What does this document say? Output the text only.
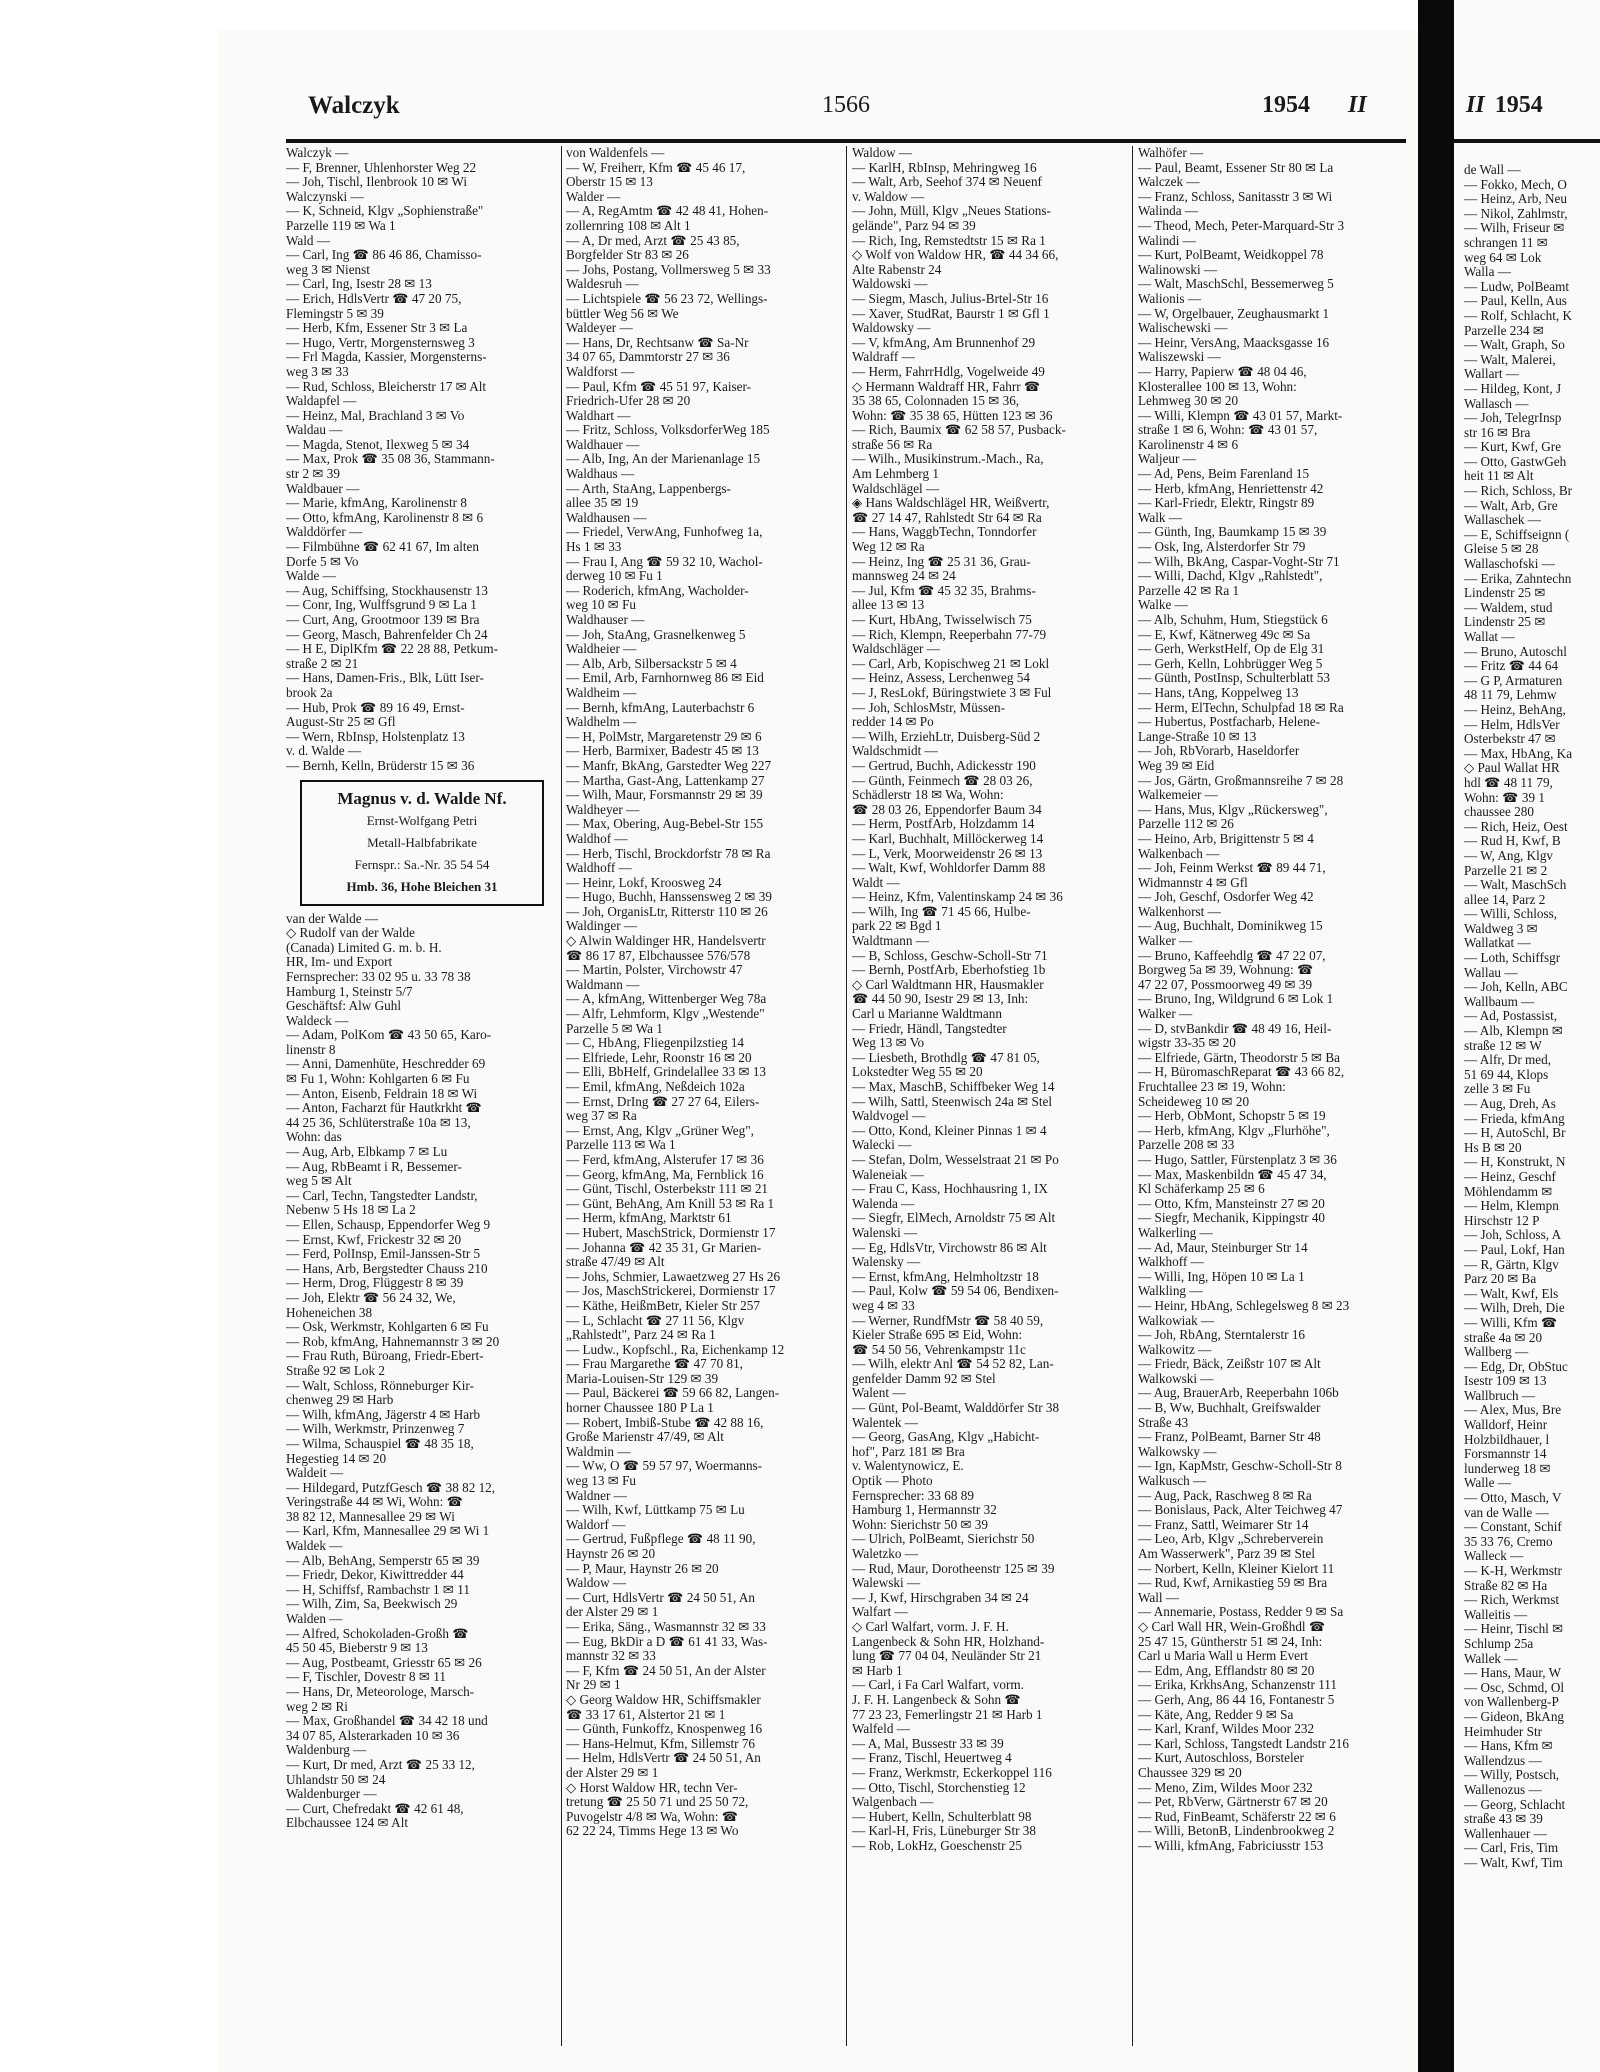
Walczyk	1566	1954 II
Walczyk —
— F, Brenner, Uhlenhorster Weg 22
— Joh, Tischl, Ilenbrook 10 ✉ Wi
Walczynski —
— K, Schneid, Klgv „Sophienstraße"
Parzelle 119 ✉ Wa 1
Wald —
— Carl, Ing ☎ 86 46 86, Chamisso-
weg 3 ✉ Nienst
— Carl, Ing, Isestr 28 ✉ 13
— Erich, HdlsVertr ☎ 47 20 75,
Flemingstr 5 ✉ 39
— Herb, Kfm, Essener Str 3 ✉ La
— Hugo, Vertr, Morgensternsweg 3
— Frl Magda, Kassier, Morgensterns-
weg 3 ✉ 33
— Rud, Schloss, Bleicherstr 17 ✉ Alt
Waldapfel —
— Heinz, Mal, Brachland 3 ✉ Vo
Waldau —
— Magda, Stenot, Ilexweg 5 ✉ 34
— Max, Prok ☎ 35 08 36, Stammann-
str 2 ✉ 39
Waldbauer —
— Marie, kfmAng, Karolinenstr 8
— Otto, kfmAng, Karolinenstr 8 ✉ 6
Walddörfer —
— Filmbühne ☎ 62 41 67, Im alten
Dorfe 5 ✉ Vo
Walde —
— Aug, Schiffsing, Stockhausenstr 13
— Conr, Ing, Wulffsgrund 9 ✉ La 1
— Curt, Ang, Grootmoor 139 ✉ Bra
— Georg, Masch, Bahrenfelder Ch 24
— H E, DiplKfm ☎ 22 28 88, Petkum-
straße 2 ✉ 21
— Hans, Damen-Fris., Blk, Lütt Iser-
brook 2a
— Hub, Prok ☎ 89 16 49, Ernst-
August-Str 25 ✉ Gfl
— Wern, RbInsp, Holstenplatz 13
v. d. Walde —
— Bernh, Kelln, Brüderstr 15 ✉ 36
Magnus v. d. Walde Nf.
Ernst-Wolfgang Petri
Metall-Halbfabrikate
Fernspr.: Sa.-Nr. 35 54 54
Hmb. 36, Hohe Bleichen 31
van der Walde —
◇ Rudolf van der Walde
(Canada) Limited G. m. b. H.
HR, Im- und Export
Fernsprecher: 33 02 95 u. 33 78 38
Hamburg 1, Steinstr 5/7
Geschäftsf: Alw Guhl
Waldeck —
— Adam, PolKom ☎ 43 50 65, Karo-
linenstr 8
— Anni, Damenhüte, Heschredder 69
✉ Fu 1, Wohn: Kohlgarten 6 ✉ Fu
— Anton, Eisenb, Feldrain 18 ✉ Wi
— Anton, Facharzt für Hautkrkht ☎
44 25 36, Schlüterstraße 10a ✉ 13,
Wohn: das
— Aug, Arb, Elbkamp 7 ✉ Lu
— Aug, RbBeamt i R, Bessemer-
weg 5 ✉ Alt
— Carl, Techn, Tangstedter Landstr,
Nebenw 5 Hs 18 ✉ La 2
— Ellen, Schausp, Eppendorfer Weg 9
— Ernst, Kwf, Frickestr 32 ✉ 20
— Ferd, PolInsp, Emil-Janssen-Str 5
— Hans, Arb, Bergstedter Chauss 210
— Herm, Drog, Flüggestr 8 ✉ 39
— Joh, Elektr ☎ 56 24 32, We,
Hoheneichen 38
— Osk, Werkmstr, Kohlgarten 6 ✉ Fu
— Rob, kfmAng, Hahnemannstr 3 ✉ 20
— Frau Ruth, Büroang, Friedr-Ebert-
Straße 92 ✉ Lok 2
— Walt, Schloss, Rönneburger Kir-
chenweg 29 ✉ Harb
— Wilh, kfmAng, Jägerstr 4 ✉ Harb
— Wilh, Werkmstr, Prinzenweg 7
— Wilma, Schauspiel ☎ 48 35 18,
Hegestieg 14 ✉ 20
Waldeit —
— Hildegard, PutzfGesch ☎ 38 82 12,
Veringstraße 44 ✉ Wi, Wohn: ☎
38 82 12, Mannesallee 29 ✉ Wi
— Karl, Kfm, Mannesallee 29 ✉ Wi 1
Waldek —
— Alb, BehAng, Semperstr 65 ✉ 39
— Friedr, Dekor, Kiwittredder 44
— H, Schiffsf, Rambachstr 1 ✉ 11
— Wilh, Zim, Sa, Beekwisch 29
Walden —
— Alfred, Schokoladen-Großh ☎
45 50 45, Bieberstr 9 ✉ 13
— Aug, Postbeamt, Griesstr 65 ✉ 26
— F, Tischler, Dovestr 8 ✉ 11
— Hans, Dr, Meteorologe, Marsch-
weg 2 ✉ Ri
— Max, Großhandel ☎ 34 42 18 und
34 07 85, Alsterarkaden 10 ✉ 36
Waldenburg —
— Kurt, Dr med, Arzt ☎ 25 33 12,
Uhlandstr 50 ✉ 24
Waldenburger —
— Curt, Chefredakt ☎ 42 61 48,
Elbchaussee 124 ✉ Alt
von Waldenfels —
— W, Freiherr, Kfm ☎ 45 46 17,
Oberstr 15 ✉ 13
Walder —
— A, RegAmtm ☎ 42 48 41, Hohen-
zollernring 108 ✉ Alt 1
— A, Dr med, Arzt ☎ 25 43 85,
Borgfelder Str 83 ✉ 26
— Johs, Postang, Vollmersweg 5 ✉ 33
Waldesruh —
— Lichtspiele ☎ 56 23 72, Wellings-
büttler Weg 56 ✉ We
Waldeyer —
— Hans, Dr, Rechtsanw ☎ Sa-Nr
34 07 65, Dammtorstr 27 ✉ 36
Waldforst —
— Paul, Kfm ☎ 45 51 97, Kaiser-
Friedrich-Ufer 28 ✉ 20
Waldhart —
— Fritz, Schloss, VolksdorferWeg 185
Waldhauer —
— Alb, Ing, An der Marienanlage 15
Waldhaus —
— Arth, StaAng, Lappenbergs-
allee 35 ✉ 19
Waldhausen —
— Friedel, VerwAng, Funhofweg 1a,
Hs 1 ✉ 33
— Frau I, Ang ☎ 59 32 10, Wachol-
derweg 10 ✉ Fu 1
— Roderich, kfmAng, Wacholder-
weg 10 ✉ Fu
Waldhauser —
— Joh, StaAng, Grasnelkenweg 5
Waldheier —
— Alb, Arb, Silbersackstr 5 ✉ 4
— Emil, Arb, Farnhornweg 86 ✉ Eid
Waldheim —
— Bernh, kfmAng, Lauterbachstr 6
Waldhelm —
— H, PolMstr, Margaretenstr 29 ✉ 6
— Herb, Barmixer, Badestr 45 ✉ 13
— Manfr, BkAng, Garstedter Weg 227
— Martha, Gast-Ang, Lattenkamp 27
— Wilh, Maur, Forsmannstr 29 ✉ 39
Waldheyer —
— Max, Obering, Aug-Bebel-Str 155
Waldhof —
— Herb, Tischl, Brockdorfstr 78 ✉ Ra
Waldhoff —
— Heinr, Lokf, Kroosweg 24
— Hugo, Buchh, Hanssensweg 2 ✉ 39
— Joh, OrganisLtr, Ritterstr 110 ✉ 26
Waldinger —
◇ Alwin Waldinger HR, Handelsvertr
☎ 86 17 87, Elbchaussee 576/578
— Martin, Polster, Virchowstr 47
Waldmann —
— A, kfmAng, Wittenberger Weg 78a
— Alfr, Lehmform, Klgv „Westende"
Parzelle 5 ✉ Wa 1
— C, HbAng, Fliegenpilzstieg 14
— Elfriede, Lehr, Roonstr 16 ✉ 20
— Elli, BbHelf, Grindelallee 33 ✉ 13
— Emil, kfmAng, Neßdeich 102a
— Ernst, DrIng ☎ 27 27 64, Eilers-
weg 37 ✉ Ra
— Ernst, Ang, Klgv „Grüner Weg",
Parzelle 113 ✉ Wa 1
— Ferd, kfmAng, Alsterufer 17 ✉ 36
— Georg, kfmAng, Ma, Fernblick 16
— Günt, Tischl, Osterbekstr 111 ✉ 21
— Günt, BehAng, Am Knill 53 ✉ Ra 1
— Herm, kfmAng, Marktstr 61
— Hubert, MaschStrick, Dormienstr 17
— Johanna ☎ 42 35 31, Gr Marien-
straße 47/49 ✉ Alt
— Johs, Schmier, Lawaetzweg 27 Hs 26
— Jos, MaschStrickerei, Dormienstr 17
— Käthe, HeißmBetr, Kieler Str 257
— L, Schlacht ☎ 27 11 56, Klgv
„Rahlstedt", Parz 24 ✉ Ra 1
— Ludw., Kopfschl., Ra, Eichenkamp 12
— Frau Margarethe ☎ 47 70 81,
Maria-Louisen-Str 129 ✉ 39
— Paul, Bäckerei ☎ 59 66 82, Langen-
horner Chaussee 180 P La 1
— Robert, Imbiß-Stube ☎ 42 88 16,
Große Marienstr 47/49, ✉ Alt
Waldmin —
— Ww, O ☎ 59 57 97, Woermanns-
weg 13 ✉ Fu
Waldner —
— Wilh, Kwf, Lüttkamp 75 ✉ Lu
Waldorf —
— Gertrud, Fußpflege ☎ 48 11 90,
Haynstr 26 ✉ 20
— P, Maur, Haynstr 26 ✉ 20
Waldow —
— Curt, HdlsVertr ☎ 24 50 51, An
der Alster 29 ✉ 1
— Erika, Säng., Wasmannstr 32 ✉ 33
— Eug, BkDir a D ☎ 61 41 33, Was-
mannstr 32 ✉ 33
— F, Kfm ☎ 24 50 51, An der Alster
Nr 29 ✉ 1
◇ Georg Waldow HR, Schiffsmakler
☎ 33 17 61, Alstertor 21 ✉ 1
— Günth, Funkoffz, Knospenweg 16
— Hans-Helmut, Kfm, Sillemstr 76
— Helm, HdlsVertr ☎ 24 50 51, An
der Alster 29 ✉ 1
◇ Horst Waldow HR, techn Ver-
tretung ☎ 25 50 71 und 25 50 72,
Puvogelstr 4/8 ✉ Wa, Wohn: ☎
62 22 24, Timms Hege 13 ✉ Wo
Waldow —
— KarlH, RbInsp, Mehringweg 16
— Walt, Arb, Seehof 374 ✉ Neuenf
v. Waldow —
— John, Müll, Klgv „Neues Stations-
gelände", Parz 94 ✉ 39
— Rich, Ing, Remstedtstr 15 ✉ Ra 1
◇ Wolf von Waldow HR, ☎ 44 34 66,
Alte Rabenstr 24
Waldowski —
— Siegm, Masch, Julius-Brtel-Str 16
— Xaver, StudRat, Baurstr 1 ✉ Gfl 1
Waldowsky —
— V, kfmAng, Am Brunnenhof 29
Waldraff —
— Herm, FahrrHdlg, Vogelweide 49
◇ Hermann Waldraff HR, Fahrr ☎
35 38 65, Colonnaden 15 ✉ 36,
Wohn: ☎ 35 38 65, Hütten 123 ✉ 36
— Rich, Baumix ☎ 62 58 57, Pusback-
straße 56 ✉ Ra
— Wilh., Musikinstrum.-Mach., Ra,
Am Lehmberg 1
Waldschlägel —
◈ Hans Waldschlägel HR, Weißvertr,
☎ 27 14 47, Rahlstedt Str 64 ✉ Ra
— Hans, WaggbTechn, Tonndorfer
Weg 12 ✉ Ra
— Heinz, Ing ☎ 25 31 36, Grau-
mannsweg 24 ✉ 24
— Jul, Kfm ☎ 45 32 35, Brahms-
allee 13 ✉ 13
— Kurt, HbAng, Twisselwisch 75
— Rich, Klempn, Reeperbahn 77-79
Waldschläger —
— Carl, Arb, Kopischweg 21 ✉ Lokl
— Heinz, Assess, Lerchenweg 54
— J, ResLokf, Büringstwiete 3 ✉ Ful
— Joh, SchlosMstr, Müssen-
redder 14 ✉ Po
— Wilh, ErziehLtr, Duisberg-Süd 2
Waldschmidt —
— Gertrud, Buchh, Adickesstr 190
— Günth, Feinmech ☎ 28 03 26,
Schädlerstr 18 ✉ Wa, Wohn:
☎ 28 03 26, Eppendorfer Baum 34
— Herm, PostfArb, Holzdamm 14
— Karl, Buchhalt, Millöckerweg 14
— L, Verk, Moorweidenstr 26 ✉ 13
— Walt, Kwf, Wohldorfer Damm 88
Waldt —
— Heinz, Kfm, Valentinskamp 24 ✉ 36
— Wilh, Ing ☎ 71 45 66, Hulbe-
park 22 ✉ Bgd 1
Waldtmann —
— B, Schloss, Geschw-Scholl-Str 71
— Bernh, PostfArb, Eberhofstieg 1b
◇ Carl Waldtmann HR, Hausmakler
☎ 44 50 90, Isestr 29 ✉ 13, Inh:
Carl u Marianne Waldtmann
— Friedr, Händl, Tangstedter
Weg 13 ✉ Vo
— Liesbeth, Brothdlg ☎ 47 81 05,
Lokstedter Weg 55 ✉ 20
— Max, MaschB, Schiffbeker Weg 14
— Wilh, Sattl, Steenwisch 24a ✉ Stel
Waldvogel —
— Otto, Kond, Kleiner Pinnas 1 ✉ 4
Walecki —
— Stefan, Dolm, Wesselstraat 21 ✉ Po
Waleneiak —
— Frau C, Kass, Hochhausring 1, IX
Walenda —
— Siegfr, ElMech, Arnoldstr 75 ✉ Alt
Walenski —
— Eg, HdlsVtr, Virchowstr 86 ✉ Alt
Walensky —
— Ernst, kfmAng, Helmholtzstr 18
— Paul, Kolw ☎ 59 54 06, Bendixen-
weg 4 ✉ 33
— Werner, RundfMstr ☎ 58 40 59,
Kieler Straße 695 ✉ Eid, Wohn:
☎ 54 50 56, Vehrenkampstr 11c
— Wilh, elektr Anl ☎ 54 52 82, Lan-
genfelder Damm 92 ✉ Stel
Walent —
— Günt, Pol-Beamt, Walddörfer Str 38
Walentek —
— Georg, GasAng, Klgv „Habicht-
hof", Parz 181 ✉ Bra
v. Walentynowicz, E.
Optik — Photo
Fernsprecher: 33 68 89
Hamburg 1, Hermannstr 32
Wohn: Sierichstr 50 ✉ 39
— Ulrich, PolBeamt, Sierichstr 50
Waletzko —
— Rud, Maur, Dorotheenstr 125 ✉ 39
Walewski —
— J, Kwf, Hirschgraben 34 ✉ 24
Walfart —
◇ Carl Walfart, vorm. J. F. H.
Langenbeck & Sohn HR, Holzhand-
lung ☎ 77 04 04, Neuländer Str 21
✉ Harb 1
— Carl, i Fa Carl Walfart, vorm.
J. F. H. Langenbeck & Sohn ☎
77 23 23, Femerlingstr 21 ✉ Harb 1
Walfeld —
— A, Mal, Bussestr 33 ✉ 39
— Franz, Tischl, Heuertweg 4
— Franz, Werkmstr, Eckerkoppel 116
— Otto, Tischl, Storchenstieg 12
Walgenbach —
— Hubert, Kelln, Schulterblatt 98
— Karl-H, Fris, Lüneburger Str 38
— Rob, LokHz, Goeschenstr 25
Walhöfer —
— Paul, Beamt, Essener Str 80 ✉ La
Walczek —
— Franz, Schloss, Sanitasstr 3 ✉ Wi
Walinda —
— Theod, Mech, Peter-Marquard-Str 3
Walindi —
— Kurt, PolBeamt, Weidkoppel 78
Walinowski —
— Walt, MaschSchl, Bessemerweg 5
Walionis —
— W, Orgelbauer, Zeughausmarkt 1
Walischewski —
— Heinr, VersAng, Maacksgasse 16
Waliszewski —
— Harry, Papierw ☎ 48 04 46,
Klosterallee 100 ✉ 13, Wohn:
Lehmweg 30 ✉ 20
— Willi, Klempn ☎ 43 01 57, Markt-
straße 1 ✉ 6, Wohn: ☎ 43 01 57,
Karolinenstr 4 ✉ 6
Waljeur —
— Ad, Pens, Beim Farenland 15
— Herb, kfmAng, Henriettenstr 42
— Karl-Friedr, Elektr, Ringstr 89
Walk —
— Günth, Ing, Baumkamp 15 ✉ 39
— Osk, Ing, Alsterdorfer Str 79
— Wilh, BkAng, Caspar-Voght-Str 71
— Willi, Dachd, Klgv „Rahlstedt",
Parzelle 42 ✉ Ra 1
Walke —
— Alb, Schuhm, Hum, Stiegstück 6
— E, Kwf, Kätnerweg 49c ✉ Sa
— Gerh, WerkstHelf, Op de Elg 31
— Gerh, Kelln, Lohbrügger Weg 5
— Günth, PostInsp, Schulterblatt 53
— Hans, tAng, Koppelweg 13
— Herm, ElTechn, Schulpfad 18 ✉ Ra
— Hubertus, Postfacharb, Helene-
Lange-Straße 10 ✉ 13
— Joh, RbVorarb, Haseldorfer
Weg 39 ✉ Eid
— Jos, Gärtn, Großmannsreihe 7 ✉ 28
Walkemeier —
— Hans, Mus, Klgv „Rückersweg",
Parzelle 112 ✉ 26
— Heino, Arb, Brigittenstr 5 ✉ 4
Walkenbach —
— Joh, Feinm Werkst ☎ 89 44 71,
Widmannstr 4 ✉ Gfl
— Joh, Geschf, Osdorfer Weg 42
Walkenhorst —
— Aug, Buchhalt, Dominikweg 15
Walker —
— Bruno, Kaffeehdlg ☎ 47 22 07,
Borgweg 5a ✉ 39, Wohnung: ☎
47 22 07, Possmoorweg 49 ✉ 39
— Bruno, Ing, Wildgrund 6 ✉ Lok 1
Walker —
— D, stvBankdir ☎ 48 49 16, Heil-
wigstr 33-35 ✉ 20
— Elfriede, Gärtn, Theodorstr 5 ✉ Ba
— H, BüromaschReparat ☎ 43 66 82,
Fruchtallee 23 ✉ 19, Wohn:
Scheideweg 10 ✉ 20
— Herb, ObMont, Schopstr 5 ✉ 19
— Herb, kfmAng, Klgv „Flurhöhe",
Parzelle 208 ✉ 33
— Hugo, Sattler, Fürstenplatz 3 ✉ 36
— Max, Maskenbildn ☎ 45 47 34,
Kl Schäferkamp 25 ✉ 6
— Otto, Kfm, Mansteinstr 27 ✉ 20
— Siegfr, Mechanik, Kippingstr 40
Walkerling —
— Ad, Maur, Steinburger Str 14
Walkhoff —
— Willi, Ing, Höpen 10 ✉ La 1
Walkling —
— Heinr, HbAng, Schlegelsweg 8 ✉ 23
Walkowiak —
— Joh, RbAng, Sterntalerstr 16
Walkowitz —
— Friedr, Bäck, Zeißstr 107 ✉ Alt
Walkowski —
— Aug, BrauerArb, Reeperbahn 106b
— B, Ww, Buchhalt, Greifswalder
Straße 43
— Franz, PolBeamt, Barner Str 48
Walkowsky —
— Ign, KapMstr, Geschw-Scholl-Str 8
Walkusch —
— Aug, Pack, Raschweg 8 ✉ Ra
— Bonislaus, Pack, Alter Teichweg 47
— Franz, Sattl, Weimarer Str 14
— Leo, Arb, Klgv „Schreberverein
Am Wasserwerk", Parz 39 ✉ Stel
— Norbert, Kelln, Kleiner Kielort 11
— Rud, Kwf, Arnikastieg 59 ✉ Bra
Wall —
— Annemarie, Postass, Redder 9 ✉ Sa
◇ Carl Wall HR, Wein-Großhdl ☎
25 47 15, Güntherstr 51 ✉ 24, Inh:
Carl u Maria Wall u Herm Evert
— Edm, Ang, Efflandstr 80 ✉ 20
— Erika, KrkhsAng, Schanzenstr 111
— Gerh, Ang, 86 44 16, Fontanestr 5
— Käte, Ang, Redder 9 ✉ Sa
— Karl, Kranf, Wildes Moor 232
— Karl, Schloss, Tangstedt Landstr 216
— Kurt, Autoschloss, Borsteler
Chaussee 329 ✉ 20
— Meno, Zim, Wildes Moor 232
— Pet, RbVerw, Gärtnerstr 67 ✉ 20
— Rud, FinBeamt, Schäferstr 22 ✉ 6
— Willi, BetonB, Lindenbrookweg 2
— Willi, kfmAng, Fabriciusstr 153
II 1954
de Wall —
— Fokko, Mech, O
— Heinz, Arb, Neu
— Nikol, Zahlmstr,
— Wilh, Friseur ✉
schrangen 11 ✉
weg 64 ✉ Lok
Walla —
— Ludw, PolBeamt
— Paul, Kelln, Aus
— Rolf, Schlacht, K
Parzelle 234 ✉
— Walt, Graph, So
— Walt, Malerei,
Wallart —
— Hildeg, Kont, J
Wallasch —
— Joh, TelegrInsp
str 16 ✉ Bra
— Kurt, Kwf, Gre
— Otto, GastwGeh
heit 11 ✉ Alt
— Rich, Schloss, Br
— Walt, Arb, Gre
Wallaschek —
— E, Schiffseignn (
Gleise 5 ✉ 28
Wallaschofski —
— Erika, Zahntechn
Lindenstr 25 ✉
— Waldem, stud
Lindenstr 25 ✉
Wallat —
— Bruno, Autoschl
— Fritz ☎ 44 64
— G P, Armaturen
48 11 79, Lehmw
— Heinz, BehAng,
— Helm, HdlsVer
Osterbekstr 47 ✉
— Max, HbAng, Ka
◇ Paul Wallat HR
hdl ☎ 48 11 79,
Wohn: ☎ 39 1
chaussee 280
— Rich, Heiz, Oest
— Rud H, Kwf, B
— W, Ang, Klgv
Parzelle 21 ✉ 2
— Walt, MaschSch
allee 14, Parz 2
— Willi, Schloss,
Waldweg 3 ✉
Wallatkat —
— Loth, Schiffsgr
Wallau —
— Joh, Kelln, ABC
Wallbaum —
— Ad, Postassist,
— Alb, Klempn ✉
straße 12 ✉ W
— Alfr, Dr med,
51 69 44, Klops
zelle 3 ✉ Fu
— Aug, Dreh, As
— Frieda, kfmAng
— H, AutoSchl, Br
Hs B ✉ 20
— H, Konstrukt, N
— Heinz, Geschf
Möhlendamm ✉
— Helm, Klempn
Hirschstr 12 P
— Joh, Schloss, A
— Paul, Lokf, Han
— R, Gärtn, Klgv
Parz 20 ✉ Ba
— Walt, Kwf, Els
— Wilh, Dreh, Die
— Willi, Kfm ☎
straße 4a ✉ 20
Wallberg —
— Edg, Dr, ObStuc
Isestr 109 ✉ 13
Wallbruch —
— Alex, Mus, Bre
Walldorf, Heinr
Holzbildhauer, l
Forsmannstr 14
lunderweg 18 ✉
Walle —
— Otto, Masch, V
van de Walle —
— Constant, Schif
35 33 76, Cremo
Walleck —
— K-H, Werkmstr
Straße 82 ✉ Ha
— Rich, Werkmst
Walleitis —
— Heinr, Tischl ✉
Schlump 25a
Wallek —
— Hans, Maur, W
— Osc, Schmd, Ol
von Wallenberg-P
— Gideon, BkAng
Heimhuder Str
— Hans, Kfm ✉
Wallendzus —
— Willy, Postsch,
Wallenozus —
— Georg, Schlacht
straße 43 ✉ 39
Wallenhauer —
— Carl, Fris, Tim
— Walt, Kwf, Tim
